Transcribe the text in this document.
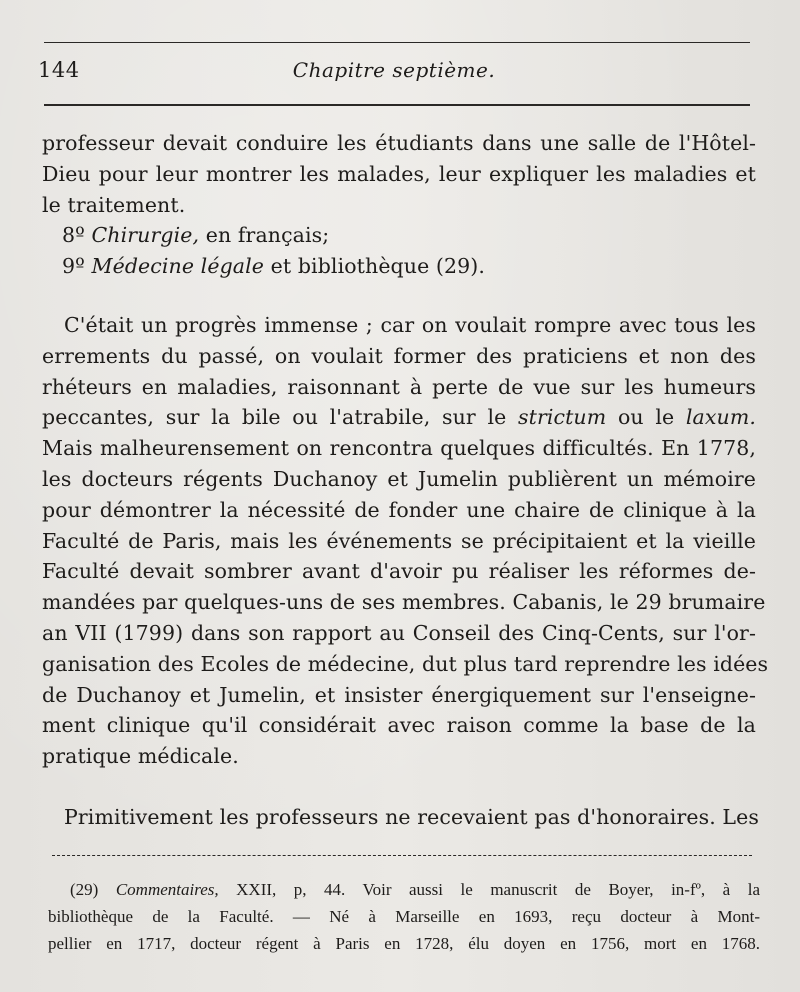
144	Chapitre septième.
professeur devait conduire les étudiants dans une salle de l'Hôtel-
Dieu pour leur montrer les malades, leur expliquer les maladies et
le traitement.
8º Chirurgie, en français;
9º Médecine légale et bibliothèque (29).
C'était un progrès immense ; car on voulait rompre avec tous les
errements du passé, on voulait former des praticiens et non des
rhéteurs en maladies, raisonnant à perte de vue sur les humeurs
peccantes, sur la bile ou l'atrabile, sur le strictum ou le laxum.
Mais malheurensement on rencontra quelques difficultés. En 1778,
les docteurs régents Duchanoy et Jumelin publièrent un mémoire
pour démontrer la nécessité de fonder une chaire de clinique à la
Faculté de Paris, mais les événements se précipitaient et la vieille
Faculté devait sombrer avant d'avoir pu réaliser les réformes de-
mandées par quelques-uns de ses membres. Cabanis, le 29 brumaire
an VII (1799) dans son rapport au Conseil des Cinq-Cents, sur l'or-
ganisation des Ecoles de médecine, dut plus tard reprendre les idées
de Duchanoy et Jumelin, et insister énergiquement sur l'enseigne-
ment clinique qu'il considérait avec raison comme la base de la
pratique médicale.
Primitivement les professeurs ne recevaient pas d'honoraires. Les
(29) Commentaires, XXII, p, 44. Voir aussi le manuscrit de Boyer, in-fº, à la
bibliothèque de la Faculté. — Né à Marseille en 1693, reçu docteur à Mont-
pellier en 1717, docteur régent à Paris en 1728, élu doyen en 1756, mort en 1768.
